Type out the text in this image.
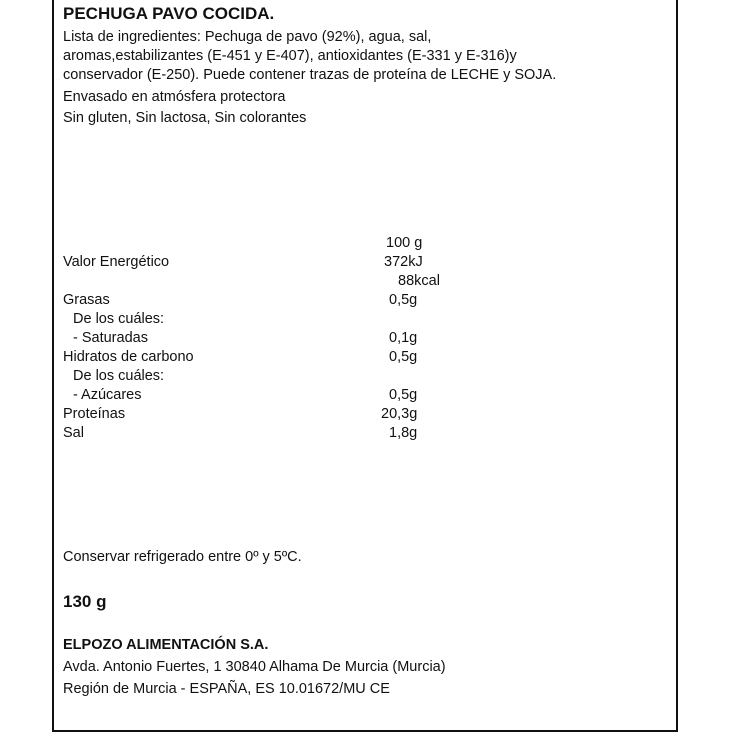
PECHUGA PAVO COCIDA.
Lista de ingredientes: Pechuga de pavo (92%), agua, sal,
aromas,estabilizantes (E-451 y E-407), antioxidantes (E-331 y E-316)y
conservador (E-250). Puede contener trazas de proteína de LECHE y SOJA.
Envasado en atmósfera protectora
Sin gluten, Sin lactosa, Sin colorantes
100 g
Valor Energético	372kJ
88kcal
Grasas	0,5g
De los cuáles:
- Saturadas	0,1g
Hidratos de carbono	0,5g
De los cuáles:
- Azúcares	0,5g
Proteínas	20,3g
Sal	1,8g
Conservar refrigerado entre 0º y 5ºC.
130 g
ELPOZO ALIMENTACIÓN S.A.
Avda. Antonio Fuertes, 1 30840 Alhama De Murcia (Murcia)
Región de Murcia - ESPAÑA, ES 10.01672/MU CE
